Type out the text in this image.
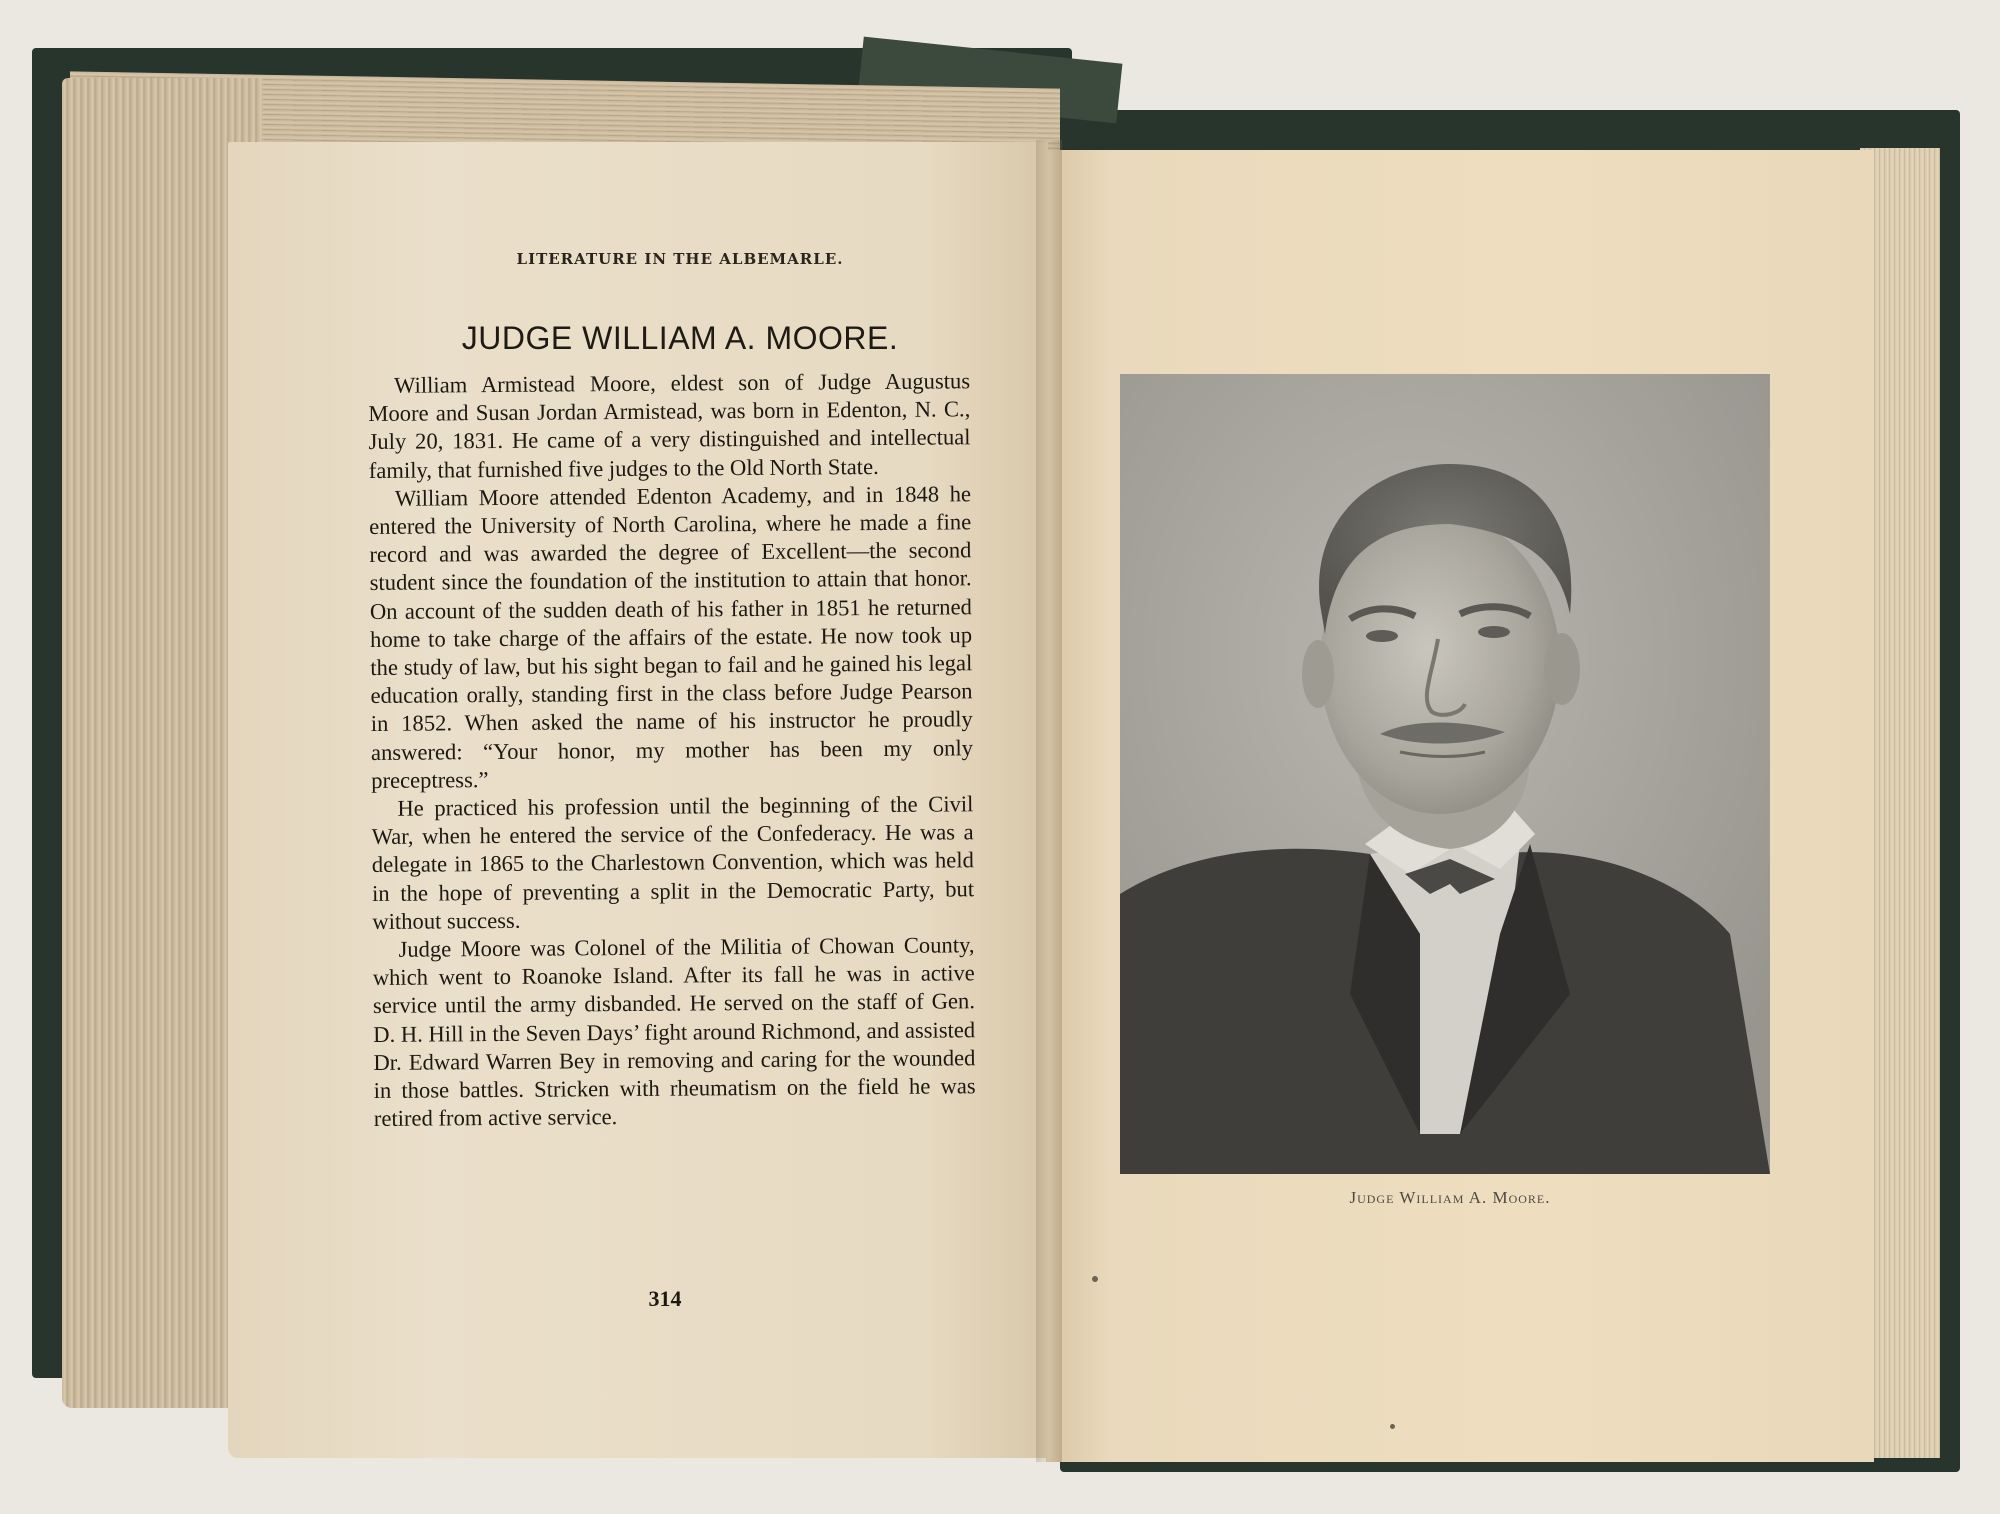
LITERATURE IN THE ALBEMARLE.
JUDGE WILLIAM A. MOORE.

William Armistead Moore, eldest son of Judge Augustus Moore and Susan Jordan Armistead, was born in Edenton, N. C., July 20, 1831. He came of a very distinguished and intellectual family, that furnished five judges to the Old North State.

William Moore attended Edenton Academy, and in 1848 he entered the University of North Carolina, where he made a fine record and was awarded the degree of Excellent—the second student since the foundation of the institution to attain that honor. On account of the sudden death of his father in 1851 he returned home to take charge of the affairs of the estate. He now took up the study of law, but his sight began to fail and he gained his legal education orally, standing first in the class before Judge Pearson in 1852. When asked the name of his instructor he proudly answered: “Your honor, my mother has been my only preceptress.”

He practiced his profession until the beginning of the Civil War, when he entered the service of the Confederacy. He was a delegate in 1865 to the Charlestown Convention, which was held in the hope of preventing a split in the Democratic Party, but without success.

Judge Moore was Colonel of the Militia of Chowan County, which went to Roanoke Island. After its fall he was in active service until the army disbanded. He served on the staff of Gen. D. H. Hill in the Seven Days’ fight around Richmond, and assisted Dr. Edward Warren Bey in removing and caring for the wounded in those battles. Stricken with rheumatism on the field he was retired from active service.

314
Judge William A. Moore.
